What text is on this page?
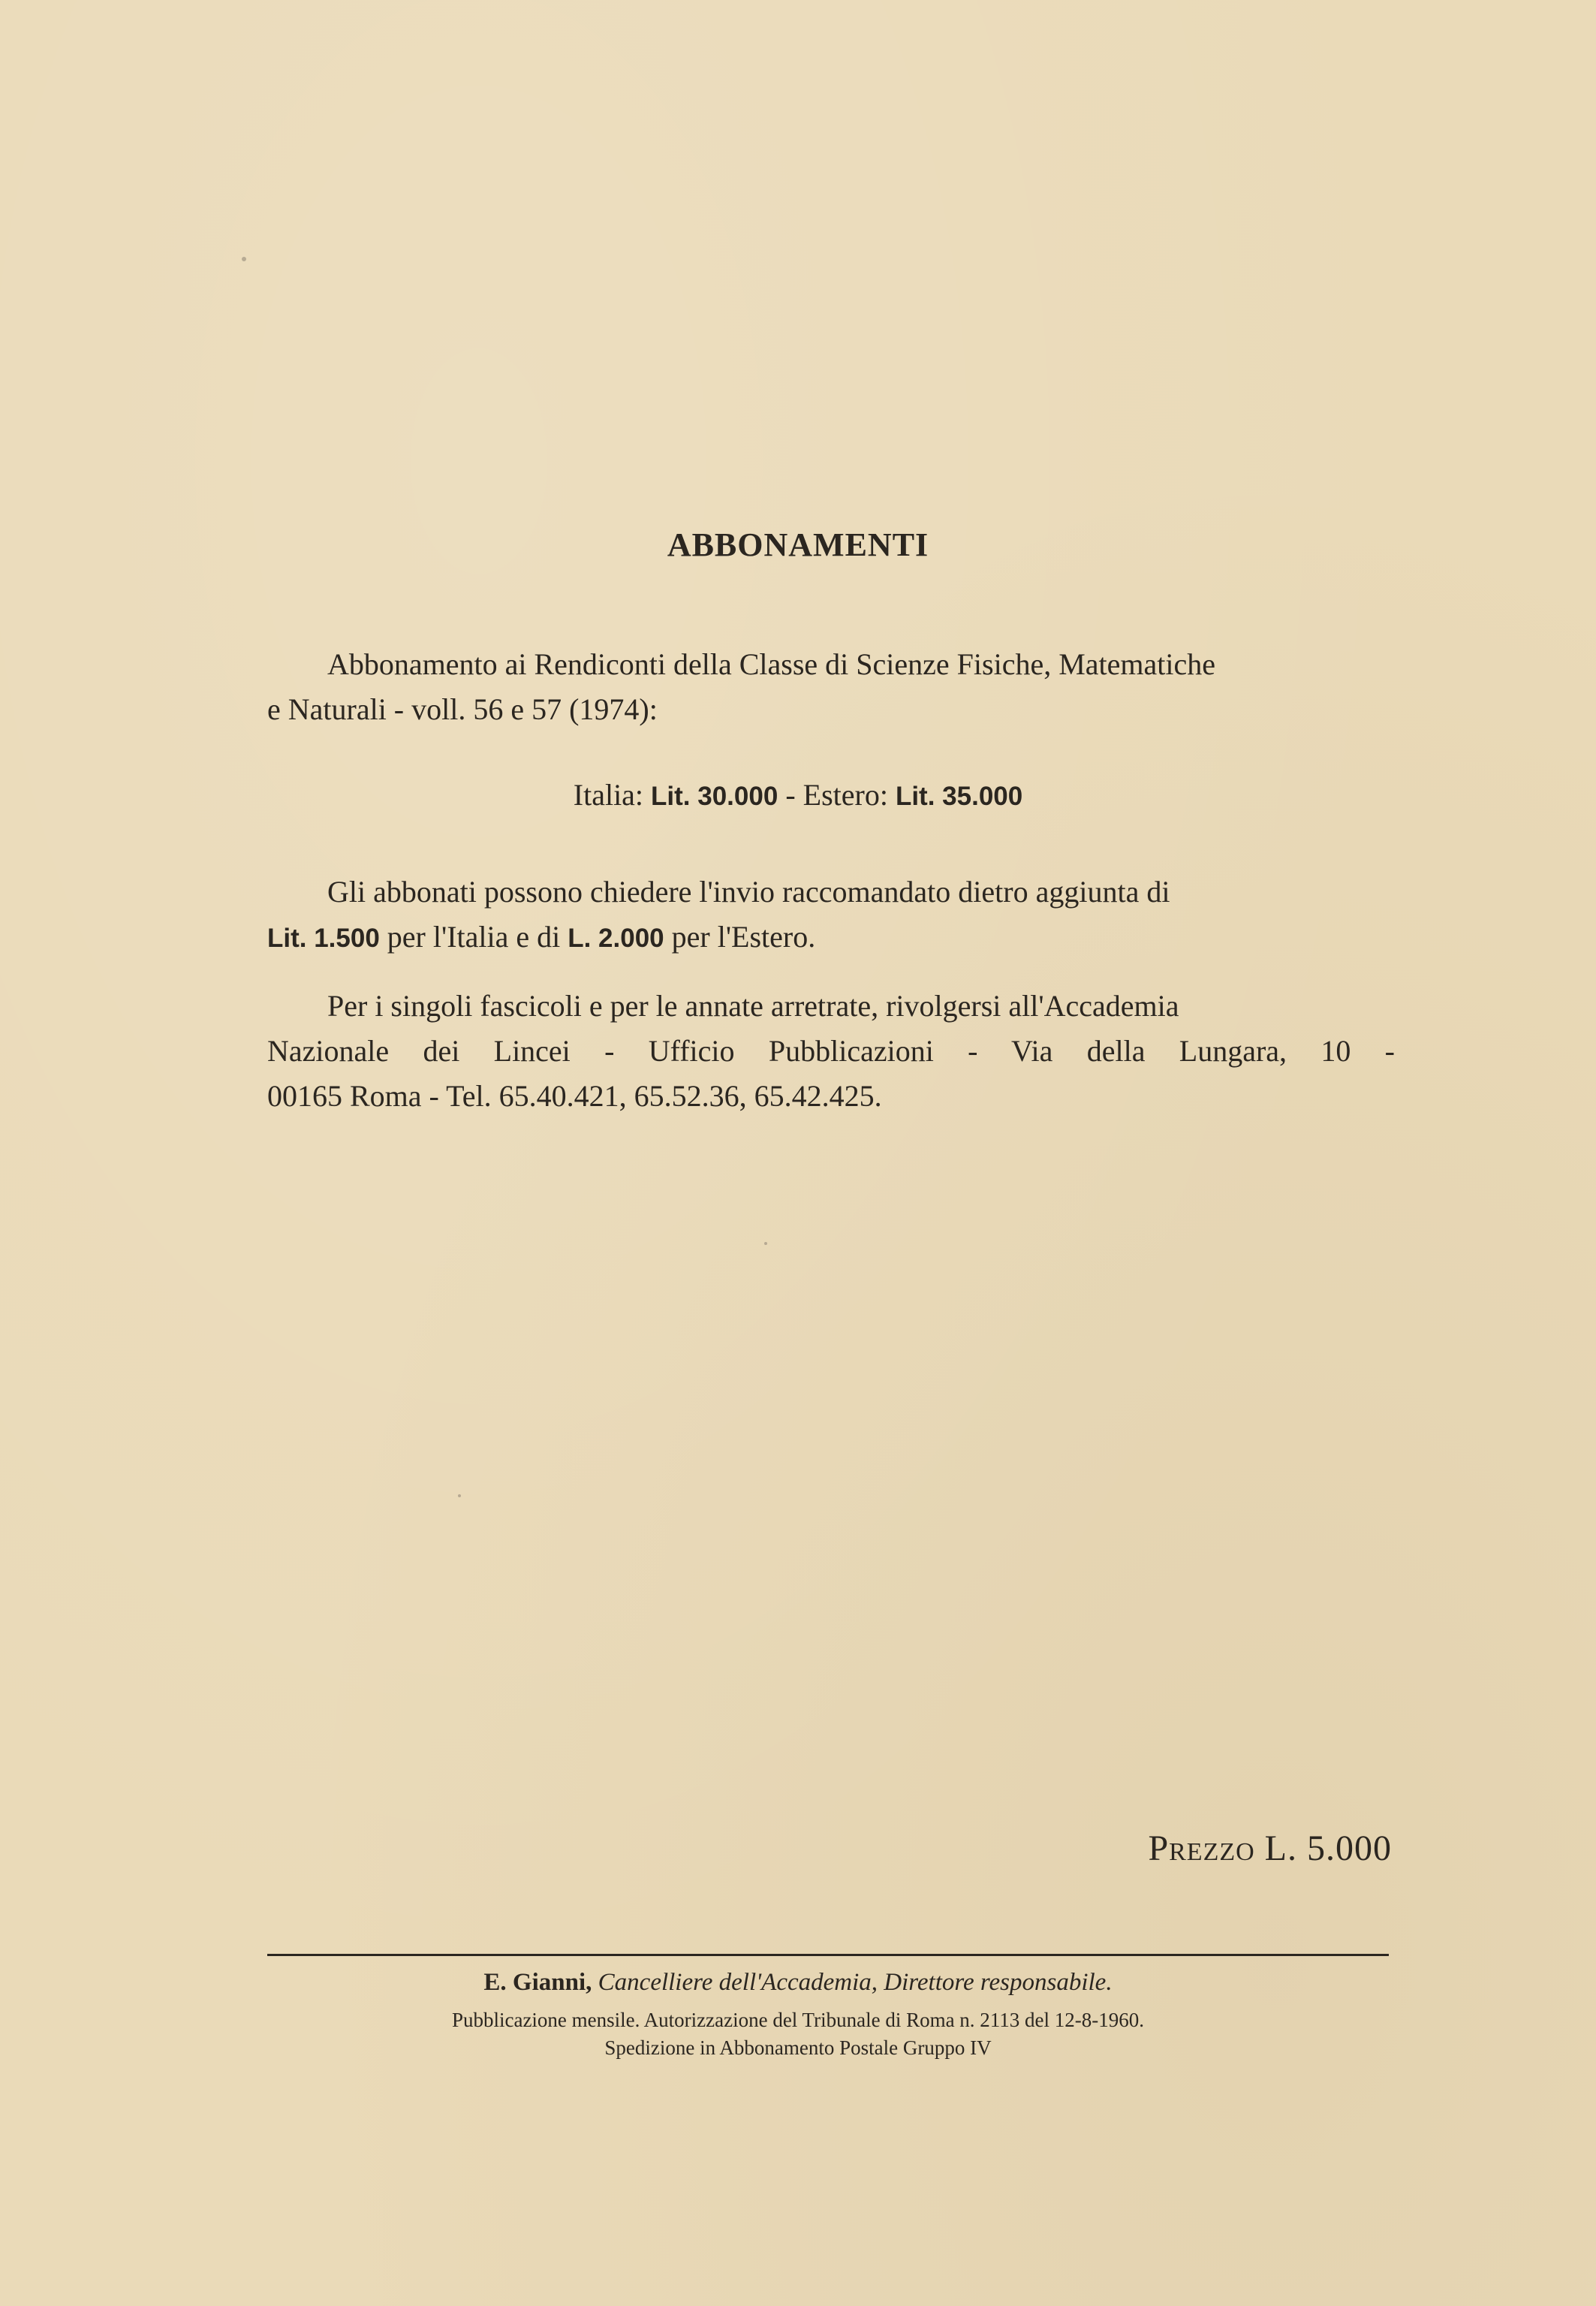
ABBONAMENTI
Abbonamento ai Rendiconti della Classe di Scienze Fisiche, Matematiche
e Naturali - voll. 56 e 57 (1974):
Italia: Lit. 30.000 - Estero: Lit. 35.000
Gli abbonati possono chiedere l'invio raccomandato dietro aggiunta di
Lit. 1.500 per l'Italia e di L. 2.000 per l'Estero.
Per i singoli fascicoli e per le annate arretrate, rivolgersi all'Accademia
Nazionale dei Lincei - Ufficio Pubblicazioni - Via della Lungara, 10 -
00165 Roma - Tel. 65.40.421, 65.52.36, 65.42.425.
Prezzo L. 5.000
E. Gianni, Cancelliere dell'Accademia, Direttore responsabile.
Pubblicazione mensile. Autorizzazione del Tribunale di Roma n. 2113 del 12-8-1960.
Spedizione in Abbonamento Postale Gruppo IV
